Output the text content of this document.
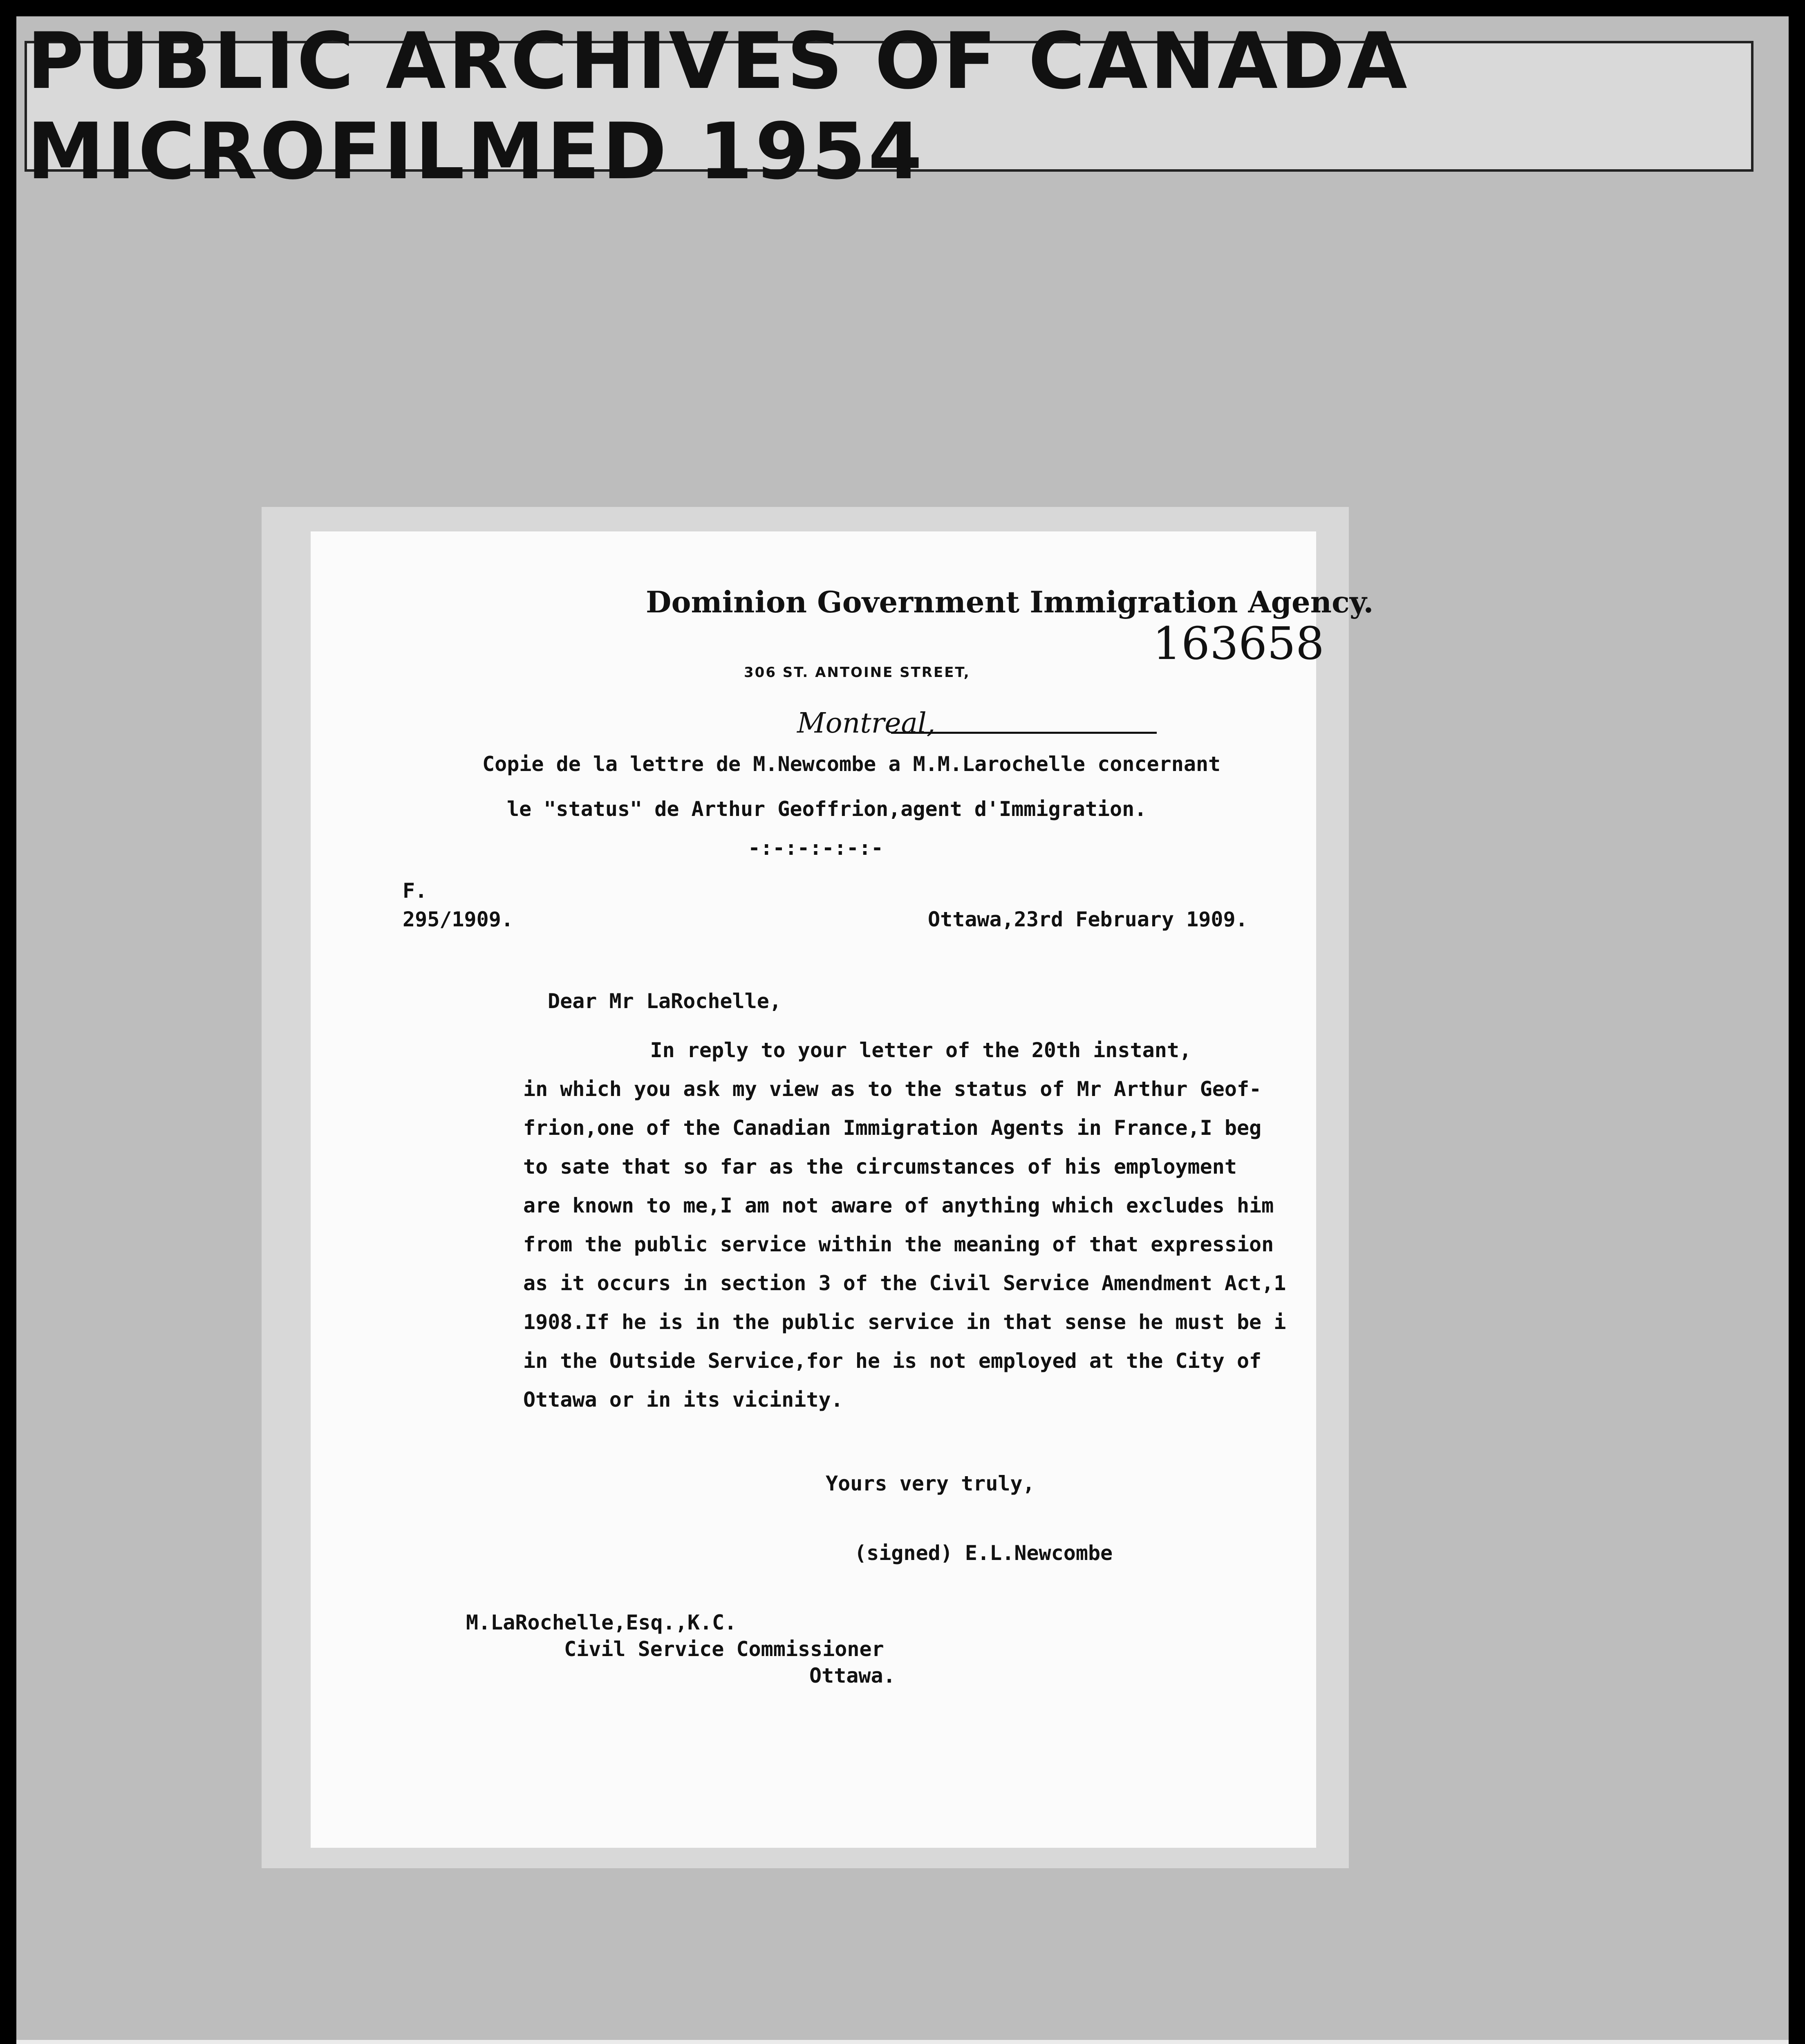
PUBLIC ARCHIVES OF CANADA MICROFILMED 1954
Dominion Government Immigration Agency.
163658
306 ST. ANTOINE STREET,
Montreal,
Copie de la lettre de M.Newcombe a M.M.Larochelle concernant
le "status" de Arthur Geoffrion,agent d'Immigration.
-:-:-:-:-:-
F.
295/1909.	Ottawa,23rd February 1909.
Dear Mr LaRochelle,
In reply to your letter of the 20th instant,
in which you ask my view as to the status of Mr Arthur Geof-
frion,one of the Canadian Immigration Agents in France,I beg
to sate that so far as the circumstances of his employment
are known to me,I am not aware of anything which excludes him
from the public service within the meaning of that expression
as it occurs in section 3 of the Civil Service Amendment Act,1
1908.If he is in the public service in that sense he must be i
in the Outside Service,for he is not employed at the City of
Ottawa or in its vicinity.
Yours very truly,
(signed) E.L.Newcombe
M.LaRochelle,Esq.,K.C.
Civil Service Commissioner
Ottawa.
